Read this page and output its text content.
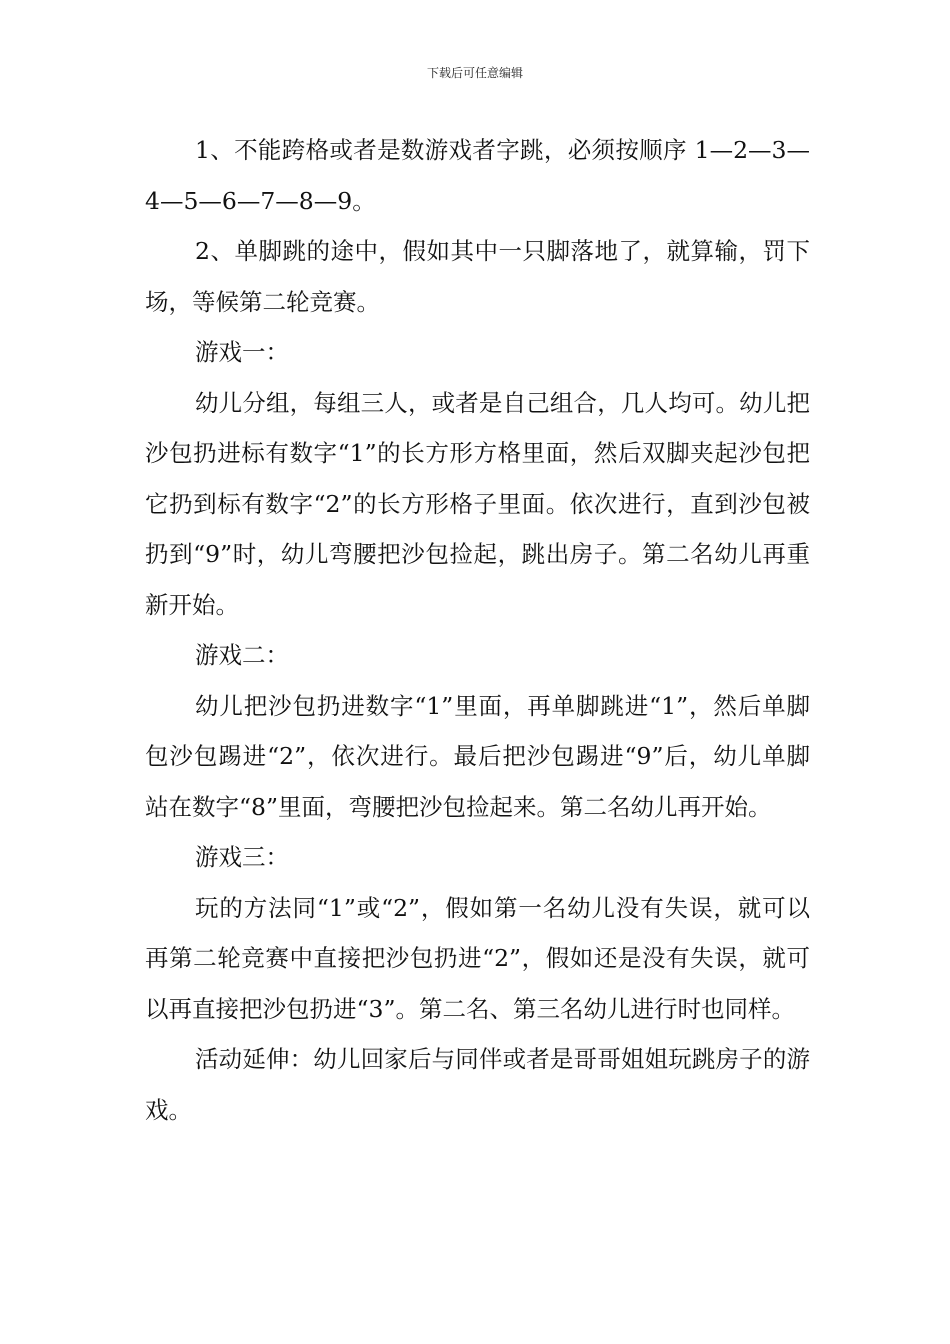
下载后可任意编辑

1、不能跨格或者是数游戏者字跳，必须按顺序 1—2—3—4—5—6—7—8—9。

2、单脚跳的途中，假如其中一只脚落地了，就算输，罚下场，等候第二轮竞赛。

游戏一：

幼儿分组，每组三人，或者是自己组合，几人均可。幼儿把沙包扔进标有数字“1”的长方形方格里面，然后双脚夹起沙包把它扔到标有数字“2”的长方形格子里面。依次进行，直到沙包被扔到“9”时，幼儿弯腰把沙包捡起，跳出房子。第二名幼儿再重新开始。

游戏二：

幼儿把沙包扔进数字“1”里面，再单脚跳进“1”，然后单脚包沙包踢进“2”，依次进行。最后把沙包踢进“9”后，幼儿单脚站在数字“8”里面，弯腰把沙包捡起来。第二名幼儿再开始。

游戏三：

玩的方法同“1”或“2”，假如第一名幼儿没有失误，就可以再第二轮竞赛中直接把沙包扔进“2”，假如还是没有失误，就可以再直接把沙包扔进“3”。第二名、第三名幼儿进行时也同样。

活动延伸：幼儿回家后与同伴或者是哥哥姐姐玩跳房子的游戏。
